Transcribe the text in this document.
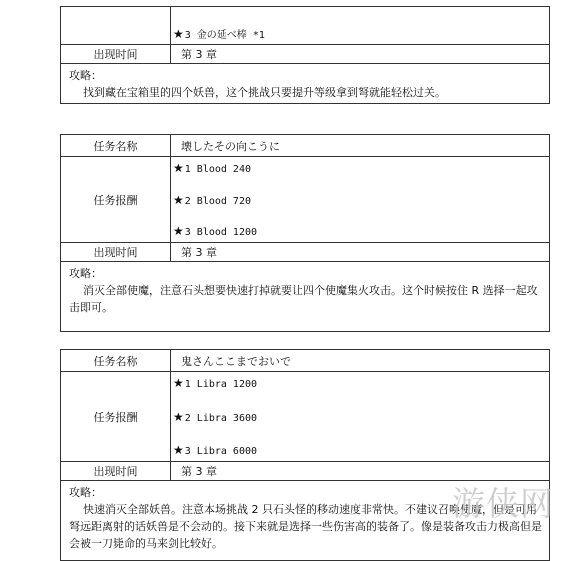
★ 3 金の延べ棒 *1
出现时间	第 3 章
攻略：
找到藏在宝箱里的四个妖兽，这个挑战只要提升等级拿到弩就能轻松过关。
任务名称	壊したその向こうに
任务报酬
★1 Blood 240
★2 Blood 720
★3 Blood 1200
出现时间	第 3 章
攻略：
消灭全部使魔，注意石头想要快速打掉就要让四个使魔集火攻击。这个时候按住 R 选择一起攻击即可。
任务名称	鬼さんここまでおいで
任务报酬
★1 Libra 1200
★2 Libra 3600
★3 Libra 6000
出现时间	第 3 章
攻略：
快速消灭全部妖兽。注意本场挑战 2 只石头怪的移动速度非常快。不建议召唤使魔，但是可用弩远距离射的话妖兽是不会动的。接下来就是选择一些伤害高的装备了。像是装备攻击力极高但是会被一刀毙命的马来剑比较好。
游侠网
